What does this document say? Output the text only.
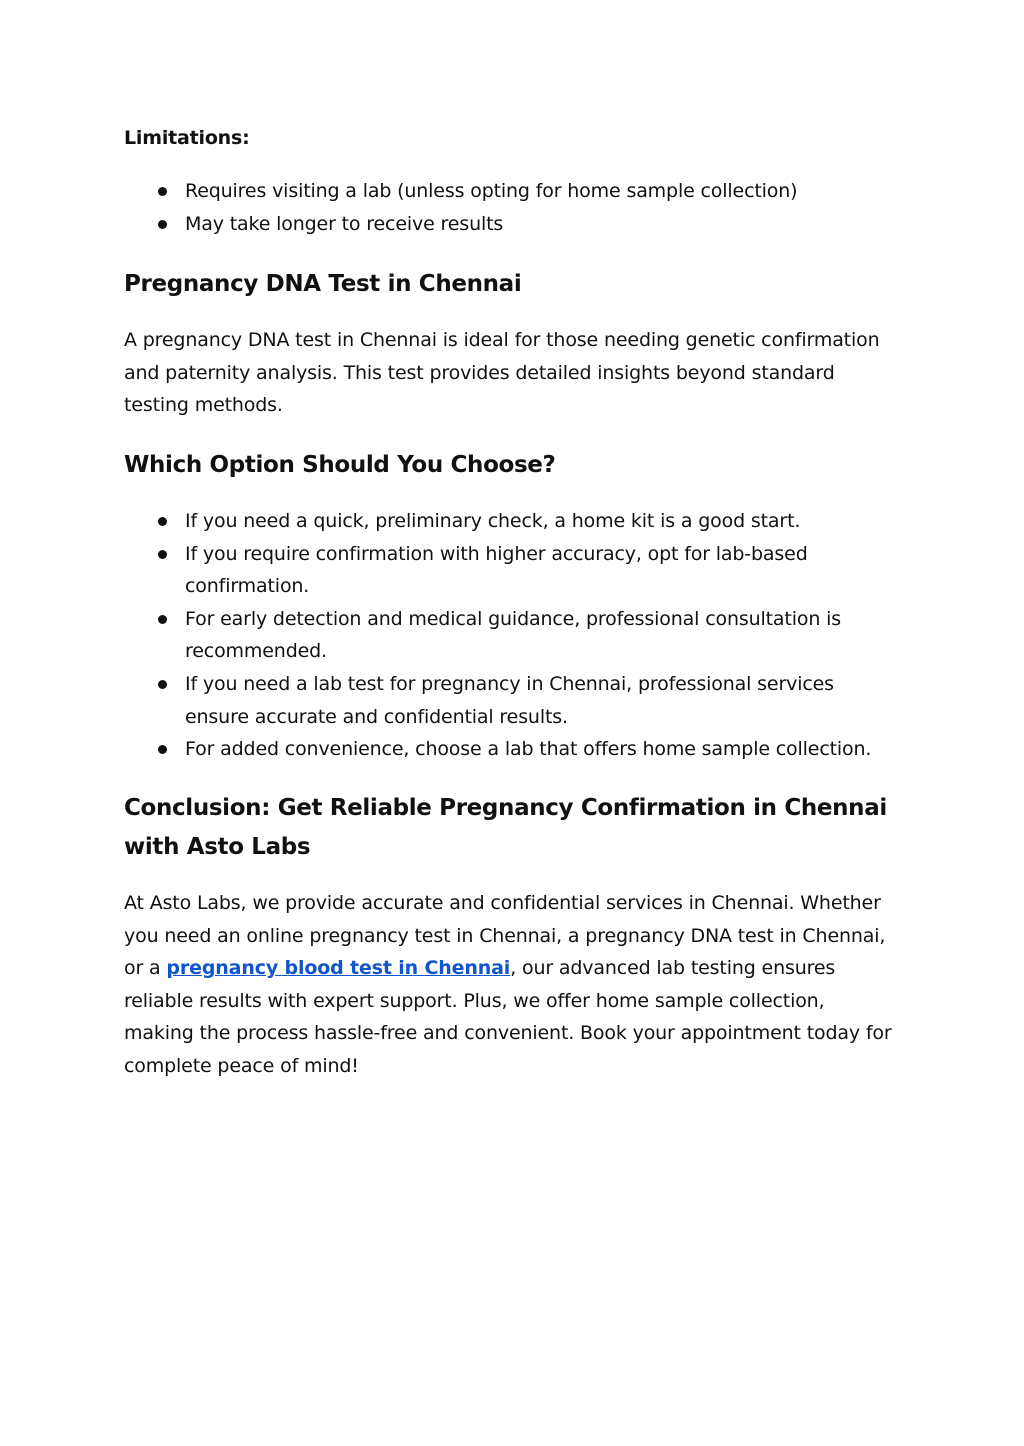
Limitations:

Requires visiting a lab (unless opting for home sample collection)
May take longer to receive results
Pregnancy DNA Test in Chennai

A pregnancy DNA test in Chennai is ideal for those needing genetic confirmation and paternity analysis. This test provides detailed insights beyond standard testing methods.

Which Option Should You Choose?
If you need a quick, preliminary check, a home kit is a good start.
If you require confirmation with higher accuracy, opt for lab-based confirmation.
For early detection and medical guidance, professional consultation is recommended.
If you need a lab test for pregnancy in Chennai, professional services ensure accurate and confidential results.
For added convenience, choose a lab that offers home sample collection.
Conclusion: Get Reliable Pregnancy Confirmation in Chennai with Asto Labs

At Asto Labs, we provide accurate and confidential services in Chennai. Whether you need an online pregnancy test in Chennai, a pregnancy DNA test in Chennai, or a pregnancy blood test in Chennai, our advanced lab testing ensures reliable results with expert support. Plus, we offer home sample collection, making the process hassle-free and convenient. Book your appointment today for complete peace of mind!
